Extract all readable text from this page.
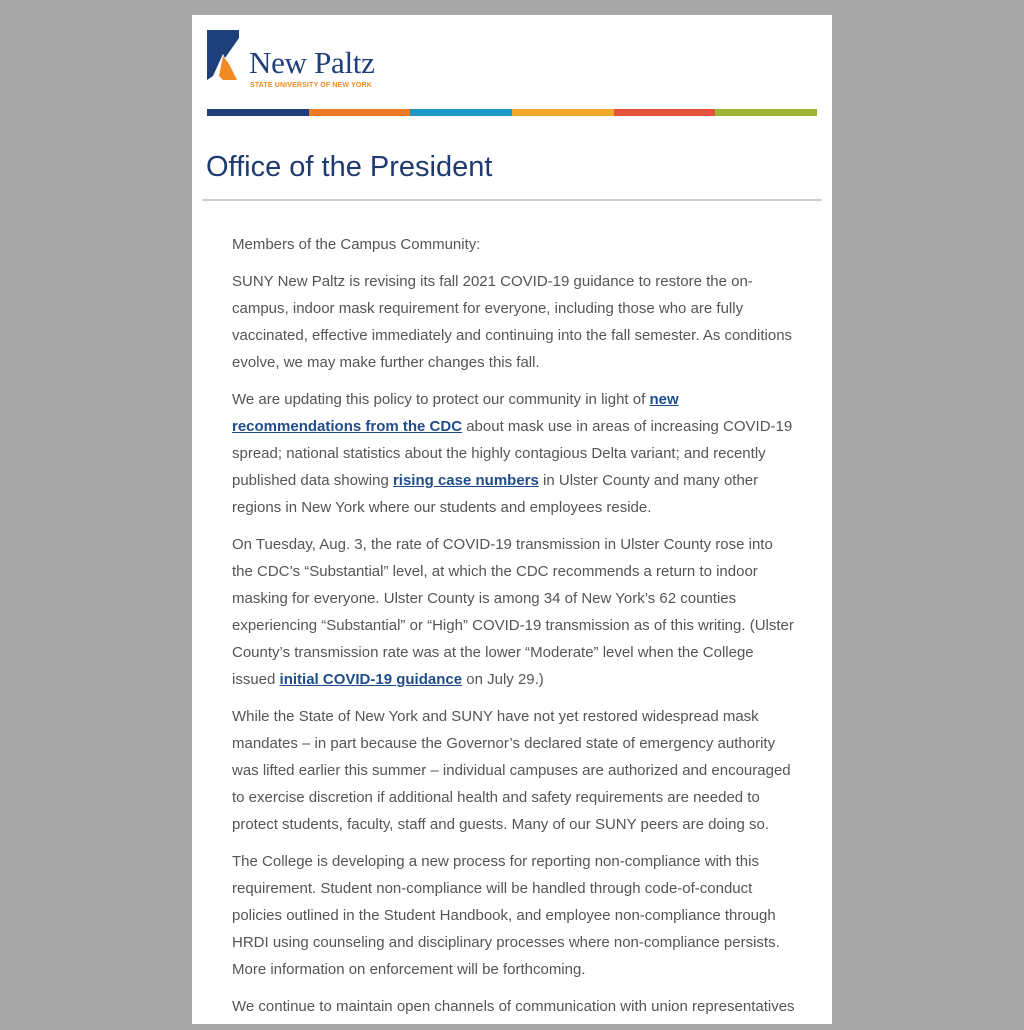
New Paltz
STATE UNIVERSITY OF NEW YORK
Office of the President

Members of the Campus Community:

SUNY New Paltz is revising its fall 2021 COVID-19 guidance to restore the on-campus, indoor mask requirement for everyone, including those who are fully vaccinated, effective immediately and continuing into the fall semester. As conditions evolve, we may make further changes this fall.

We are updating this policy to protect our community in light of new recommendations from the CDC about mask use in areas of increasing COVID-19 spread; national statistics about the highly contagious Delta variant; and recently published data showing rising case numbers in Ulster County and many other regions in New York where our students and employees reside.

On Tuesday, Aug. 3, the rate of COVID-19 transmission in Ulster County rose into the CDC’s “Substantial” level, at which the CDC recommends a return to indoor masking for everyone. Ulster County is among 34 of New York’s 62 counties experiencing “Substantial” or “High” COVID-19 transmission as of this writing. (Ulster County’s transmission rate was at the lower “Moderate” level when the College issued initial COVID-19 guidance on July 29.)

While the State of New York and SUNY have not yet restored widespread mask mandates – in part because the Governor’s declared state of emergency authority was lifted earlier this summer – individual campuses are authorized and encouraged to exercise discretion if additional health and safety requirements are needed to protect students, faculty, staff and guests. Many of our SUNY peers are doing so.

The College is developing a new process for reporting non-compliance with this requirement. Student non-compliance will be handled through code-of-conduct policies outlined in the Student Handbook, and employee non-compliance through HRDI using counseling and disciplinary processes where non-compliance persists. More information on enforcement will be forthcoming.

We continue to maintain open channels of communication with union representatives
